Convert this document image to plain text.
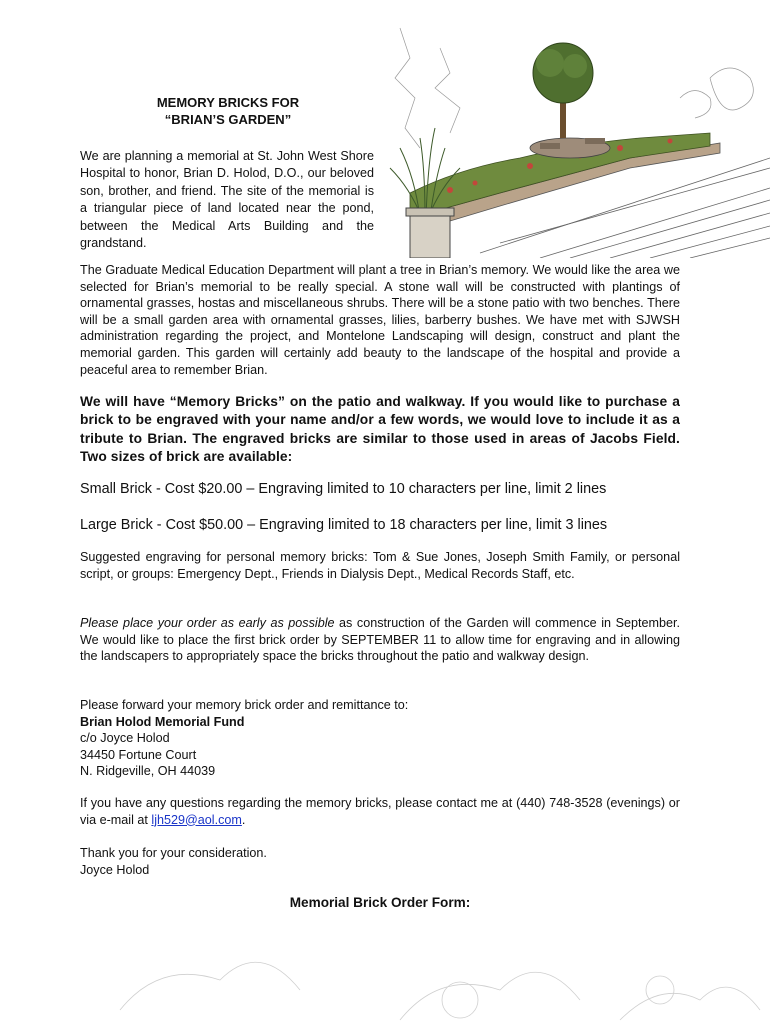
MEMORY BRICKS FOR
“BRIAN’S GARDEN”

We are planning a memorial at St. John West Shore Hospital to honor, Brian D. Holod, D.O., our beloved son, brother, and friend. The site of the memorial is a triangular piece of land located near the pond, between the Medical Arts Building and the grandstand.

The Graduate Medical Education Department will plant a tree in Brian’s memory. We would like the area we selected for Brian’s memorial to be really special. A stone wall will be constructed with plantings of ornamental grasses, hostas and miscellaneous shrubs. There will be a stone patio with two benches. There will be a small garden area with ornamental grasses, lilies, barberry bushes. We have met with SJWSH administration regarding the project, and Montelone Landscaping will design, construct and plant the memorial garden. This garden will certainly add beauty to the landscape of the hospital and provide a peaceful area to remember Brian.

We will have “Memory Bricks” on the patio and walkway. If you would like to purchase a brick to be engraved with your name and/or a few words, we would love to include it as a tribute to Brian. The engraved bricks are similar to those used in areas of Jacobs Field. Two sizes of brick are available:

Small Brick - Cost $20.00 – Engraving limited to 10 characters per line, limit 2 lines

Large Brick - Cost $50.00 – Engraving limited to 18 characters per line, limit 3 lines

Suggested engraving for personal memory bricks: Tom & Sue Jones, Joseph Smith Family, or personal script, or groups: Emergency Dept., Friends in Dialysis Dept., Medical Records Staff, etc.

Please place your order as early as possible as construction of the Garden will commence in September. We would like to place the first brick order by SEPTEMBER 11 to allow time for engraving and in allowing the landscapers to appropriately space the bricks throughout the patio and walkway design.

Please forward your memory brick order and remittance to:
Brian Holod Memorial Fund
c/o Joyce Holod
34450 Fortune Court
N. Ridgeville, OH 44039

If you have any questions regarding the memory bricks, please contact me at (440) 748-3528 (evenings) or via e-mail at ljh529@aol.com.

Thank you for your consideration.
Joyce Holod
Memorial Brick Order Form:
